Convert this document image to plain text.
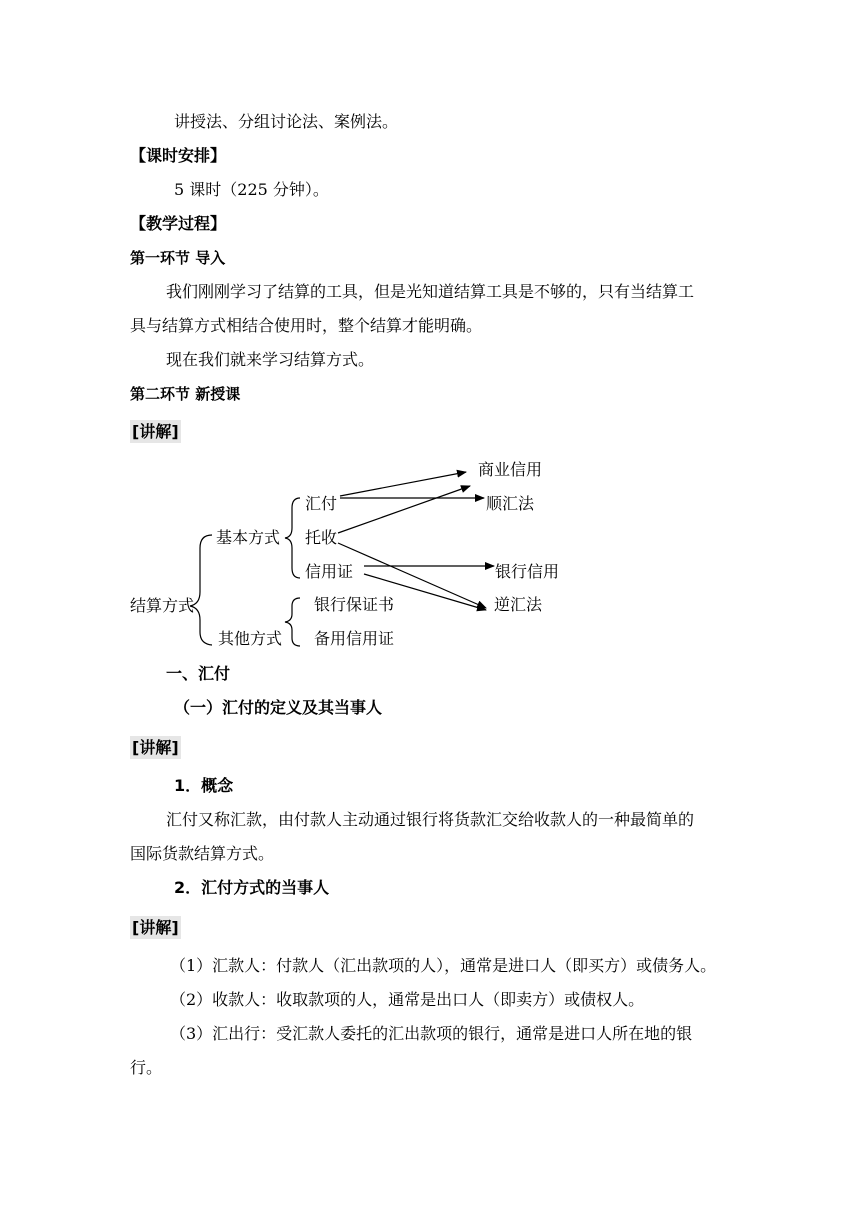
讲授法、分组讨论法、案例法。
【课时安排】
5 课时（225 分钟）。
【教学过程】
第一环节 导入
我们刚刚学习了结算的工具，但是光知道结算工具是不够的，只有当结算工
具与结算方式相结合使用时，整个结算才能明确。
现在我们就来学习结算方式。
第二环节 新授课
[讲解]
结算方式
基本方式
其他方式
汇付
托收
信用证
银行保证书
备用信用证
商业信用
顺汇法
银行信用
逆汇法
一、汇付
（一）汇付的定义及其当事人
[讲解]
1．概念
汇付又称汇款，由付款人主动通过银行将货款汇交给收款人的一种最简单的
国际货款结算方式。
2．汇付方式的当事人
[讲解]
（1）汇款人：付款人（汇出款项的人），通常是进口人（即买方）或债务人。
（2）收款人：收取款项的人，通常是出口人（即卖方）或债权人。
（3）汇出行：受汇款人委托的汇出款项的银行，通常是进口人所在地的银
行。
